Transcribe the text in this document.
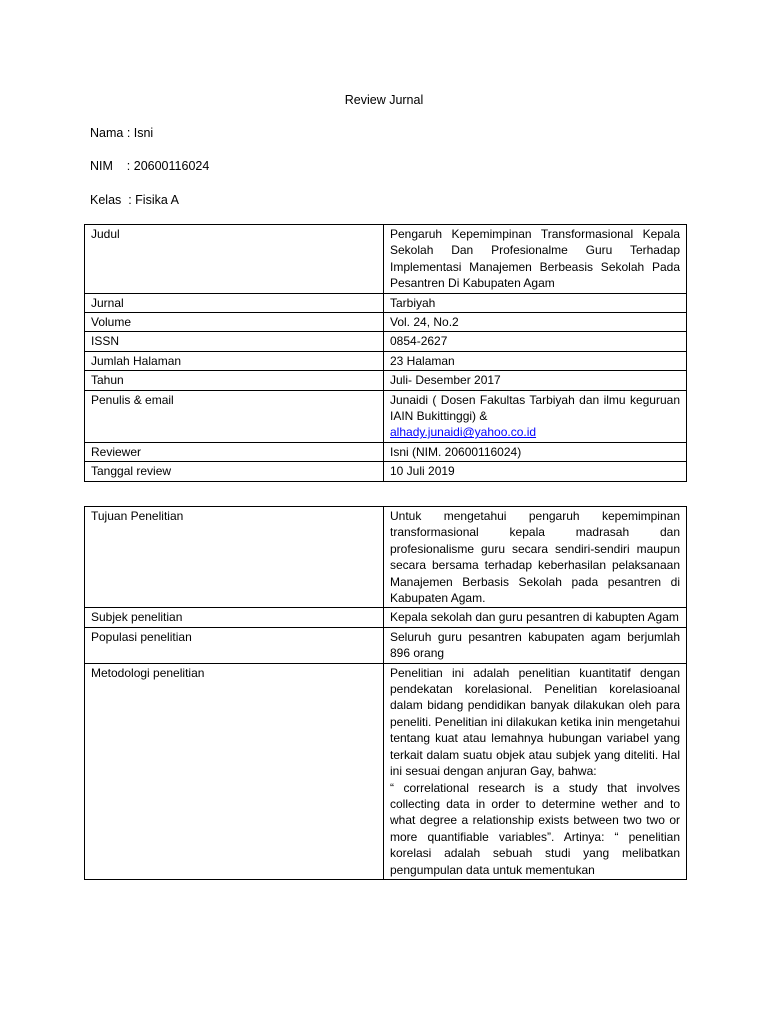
Review Jurnal
Nama : Isni
NIM    : 20600116024
Kelas  : Fisika A
Judul	Pengaruh Kepemimpinan Transformasional Kepala Sekolah Dan Profesionalme Guru Terhadap Implementasi Manajemen Berbeasis Sekolah Pada Pesantren Di Kabupaten Agam
Jurnal	Tarbiyah
Volume	Vol. 24, No.2
ISSN	0854-2627
Jumlah Halaman	23 Halaman
Tahun	Juli- Desember 2017
Penulis & email	Junaidi ( Dosen Fakultas Tarbiyah dan ilmu keguruan IAIN Bukittinggi) &
alhady.junaidi@yahoo.co.id
Reviewer	Isni (NIM. 20600116024)
Tanggal review	10 Juli 2019
Tujuan Penelitian	Untuk mengetahui pengaruh kepemimpinan transformasional kepala madrasah dan profesionalisme guru secara sendiri-sendiri maupun secara bersama terhadap keberhasilan pelaksanaan Manajemen Berbasis Sekolah pada pesantren di Kabupaten Agam.
Subjek penelitian	Kepala sekolah dan guru pesantren di kabupten Agam
Populasi penelitian	Seluruh guru pesantren kabupaten agam berjumlah 896 orang
Metodologi penelitian	Penelitian ini adalah penelitian kuantitatif dengan pendekatan korelasional. Penelitian korelasioanal dalam bidang pendidikan banyak dilakukan oleh para peneliti. Penelitian ini dilakukan ketika inin mengetahui tentang kuat atau lemahnya hubungan variabel yang terkait dalam suatu objek atau subjek yang diteliti. Hal ini sesuai dengan anjuran Gay, bahwa:
“ correlational research is a study that involves collecting data in order to determine wether and to what degree a relationship exists between two two or more quantifiable variables”. Artinya: “ penelitian korelasi adalah sebuah studi yang melibatkan pengumpulan data untuk mementukan
